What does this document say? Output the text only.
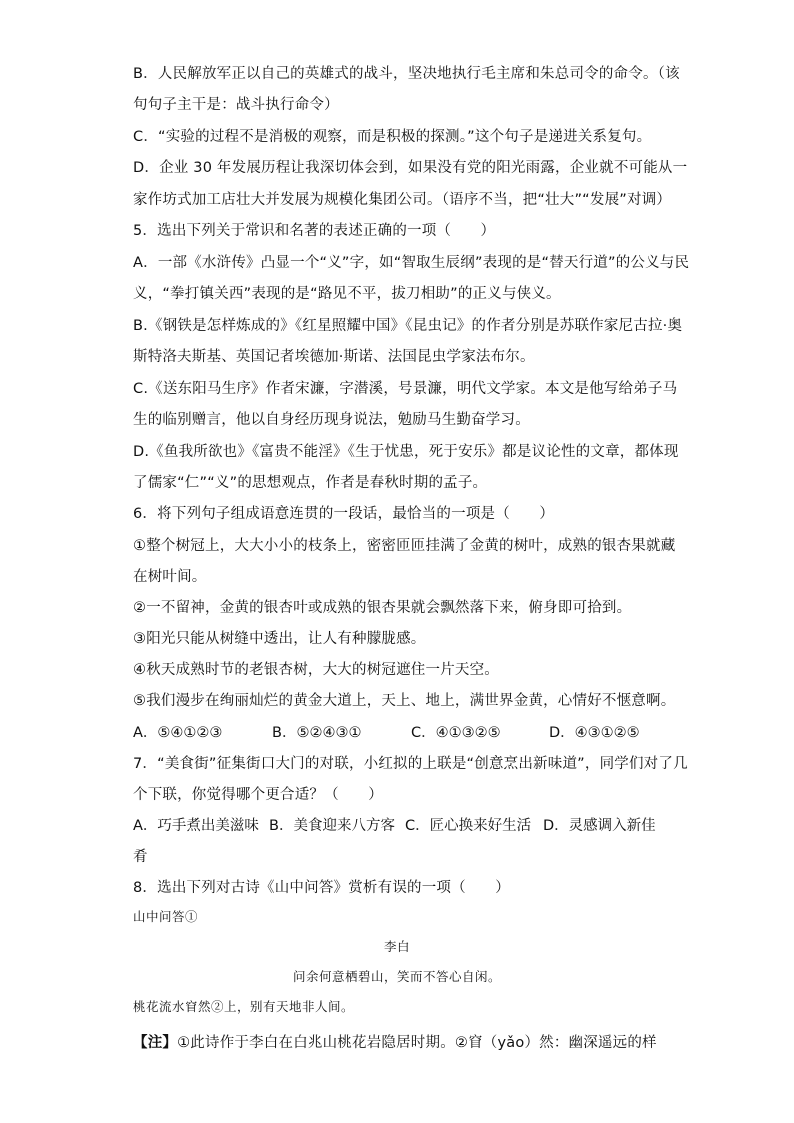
B．人民解放军正以自己的英雄式的战斗，坚决地执行毛主席和朱总司令的命令。（该
句句子主干是：战斗执行命令）
C．“实验的过程不是消极的观察，而是积极的探测。”这个句子是递进关系复句。
D．企业 30 年发展历程让我深切体会到，如果没有党的阳光雨露，企业就不可能从一
家作坊式加工店壮大并发展为规模化集团公司。（语序不当，把“壮大”“发展”对调）
5．选出下列关于常识和名著的表述正确的一项（　　）
A．一部《水浒传》凸显一个“义”字，如“智取生辰纲”表现的是“替天行道”的公义与民
义，“拳打镇关西”表现的是“路见不平，拔刀相助”的正义与侠义。
B.《钢铁是怎样炼成的》《红星照耀中国》《昆虫记》的作者分别是苏联作家尼古拉·奥
斯特洛夫斯基、英国记者埃德加·斯诺、法国昆虫学家法布尔。
C.《送东阳马生序》作者宋濂，字潜溪，号景濂，明代文学家。本文是他写给弟子马
生的临别赠言，他以自身经历现身说法，勉励马生勤奋学习。
D.《鱼我所欲也》《富贵不能淫》《生于忧患，死于安乐》都是议论性的文章，都体现
了儒家“仁”“义”的思想观点，作者是春秋时期的孟子。
6．将下列句子组成语意连贯的一段话，最恰当的一项是（　　）
①整个树冠上，大大小小的枝条上，密密匝匝挂满了金黄的树叶，成熟的银杏果就藏
在树叶间。
②一不留神，金黄的银杏叶或成熟的银杏果就会飘然落下来，俯身即可拾到。
③阳光只能从树缝中透出，让人有种朦胧感。
④秋天成熟时节的老银杏树，大大的树冠遮住一片天空。
⑤我们漫步在绚丽灿烂的黄金大道上，天上、地上，满世界金黄，心情好不惬意啊。
A．⑤④①②③	B．⑤②④③①	C．④①③②⑤	D．④③①②⑤
7．“美食街”征集街口大门的对联，小红拟的上联是“创意烹出新味道”，同学们对了几
个下联，你觉得哪个更合适？（　　）
A．巧手煮出美滋味 B．美食迎来八方客 C．匠心换来好生活 D．灵感调入新佳
肴
8．选出下列对古诗《山中问答》赏析有误的一项（　　）
山中问答①
李白
问余何意栖碧山，笑而不答心自闲。
桃花流水窅然②上，别有天地非人间。
【注】①此诗作于李白在白兆山桃花岩隐居时期。②窅（yǎo）然：幽深遥远的样
